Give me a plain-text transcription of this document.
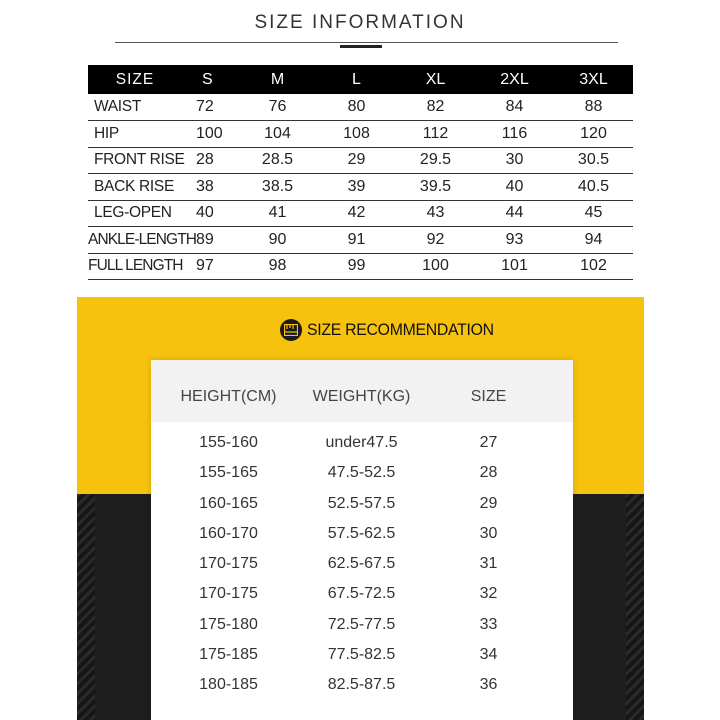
SIZE INFORMATION
SIZE	S	M	L	XL	2XL	3XL
WAIST	72	76	80	82	84	88
HIP	100	104	108	112	116	120
FRONT RISE	28	28.5	29	29.5	30	30.5
BACK RISE	38	38.5	39	39.5	40	40.5
LEG-OPEN	40	41	42	43	44	45
ANKLE-LENGTH	89	90	91	92	93	94
FULL LENGTH	97	98	99	100	101	102
SIZE RECOMMENDATION
HEIGHT(CM)	WEIGHT(KG)	SIZE
155-160	under47.5	27
155-165	47.5-52.5	28
160-165	52.5-57.5	29
160-170	57.5-62.5	30
170-175	62.5-67.5	31
170-175	67.5-72.5	32
175-180	72.5-77.5	33
175-185	77.5-82.5	34
180-185	82.5-87.5	36
